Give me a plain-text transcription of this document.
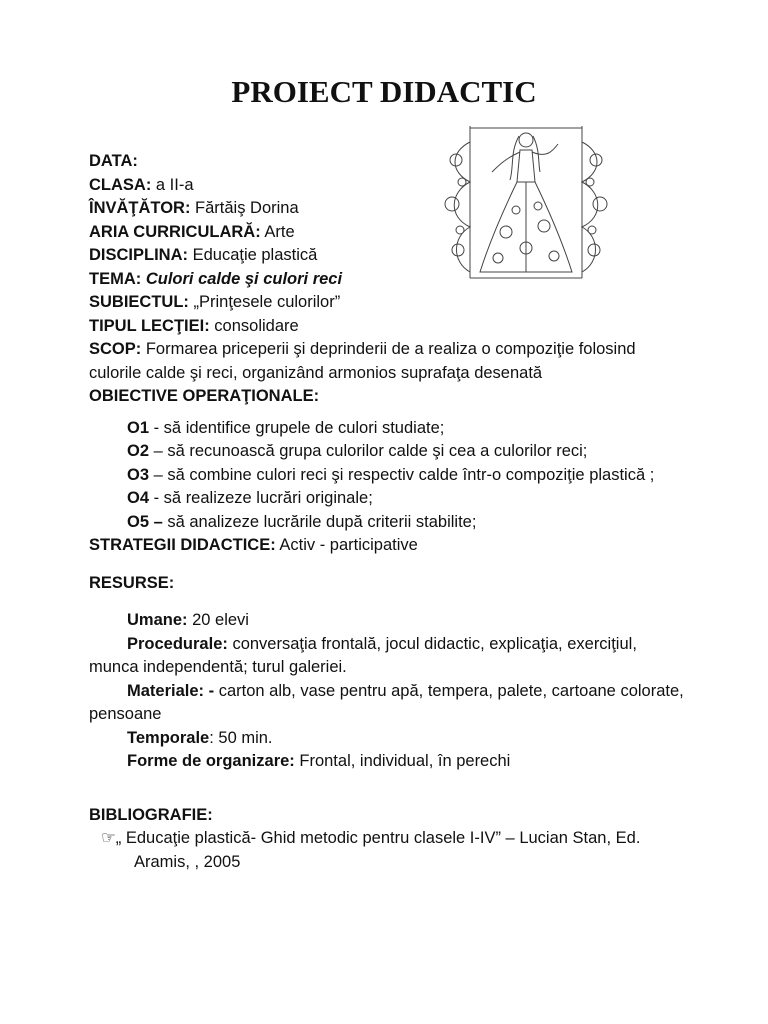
PROIECT DIDACTIC
DATA:
CLASA: a II-a
ÎNVĂŢĂTOR: Fărtăiş Dorina
ARIA CURRICULARĂ: Arte
DISCIPLINA: Educaţie plastică
TEMA: Culori calde şi culori reci
SUBIECTUL: „Prinţesele culorilor”
TIPUL LECŢIEI: consolidare
SCOP: Formarea priceperii şi deprinderii de a realiza o compoziţie folosind culorile calde şi reci, organizând armonios suprafaţa desenată
OBIECTIVE OPERAŢIONALE:
O1 - să identifice grupele de culori studiate;
O2 – să recunoască grupa culorilor calde şi cea a culorilor reci;
O3 – să combine culori reci şi respectiv calde într-o compoziţie plastică ;
O4 - să realizeze lucrări originale;
O5 – să analizeze lucrările după criterii stabilite;
STRATEGII DIDACTICE: Activ - participative
RESURSE:
Umane: 20 elevi
Procedurale: conversaţia frontală, jocul didactic, explicaţia, exerciţiul, munca independentă; turul galeriei.
Materiale: - carton alb, vase pentru apă, tempera, palete, cartoane colorate, pensoane
Temporale: 50 min.
Forme de organizare: Frontal, individual, în perechi
BIBLIOGRAFIE:
☞„ Educaţie plastică- Ghid metodic pentru clasele I-IV” – Lucian Stan, Ed.
Aramis, , 2005
